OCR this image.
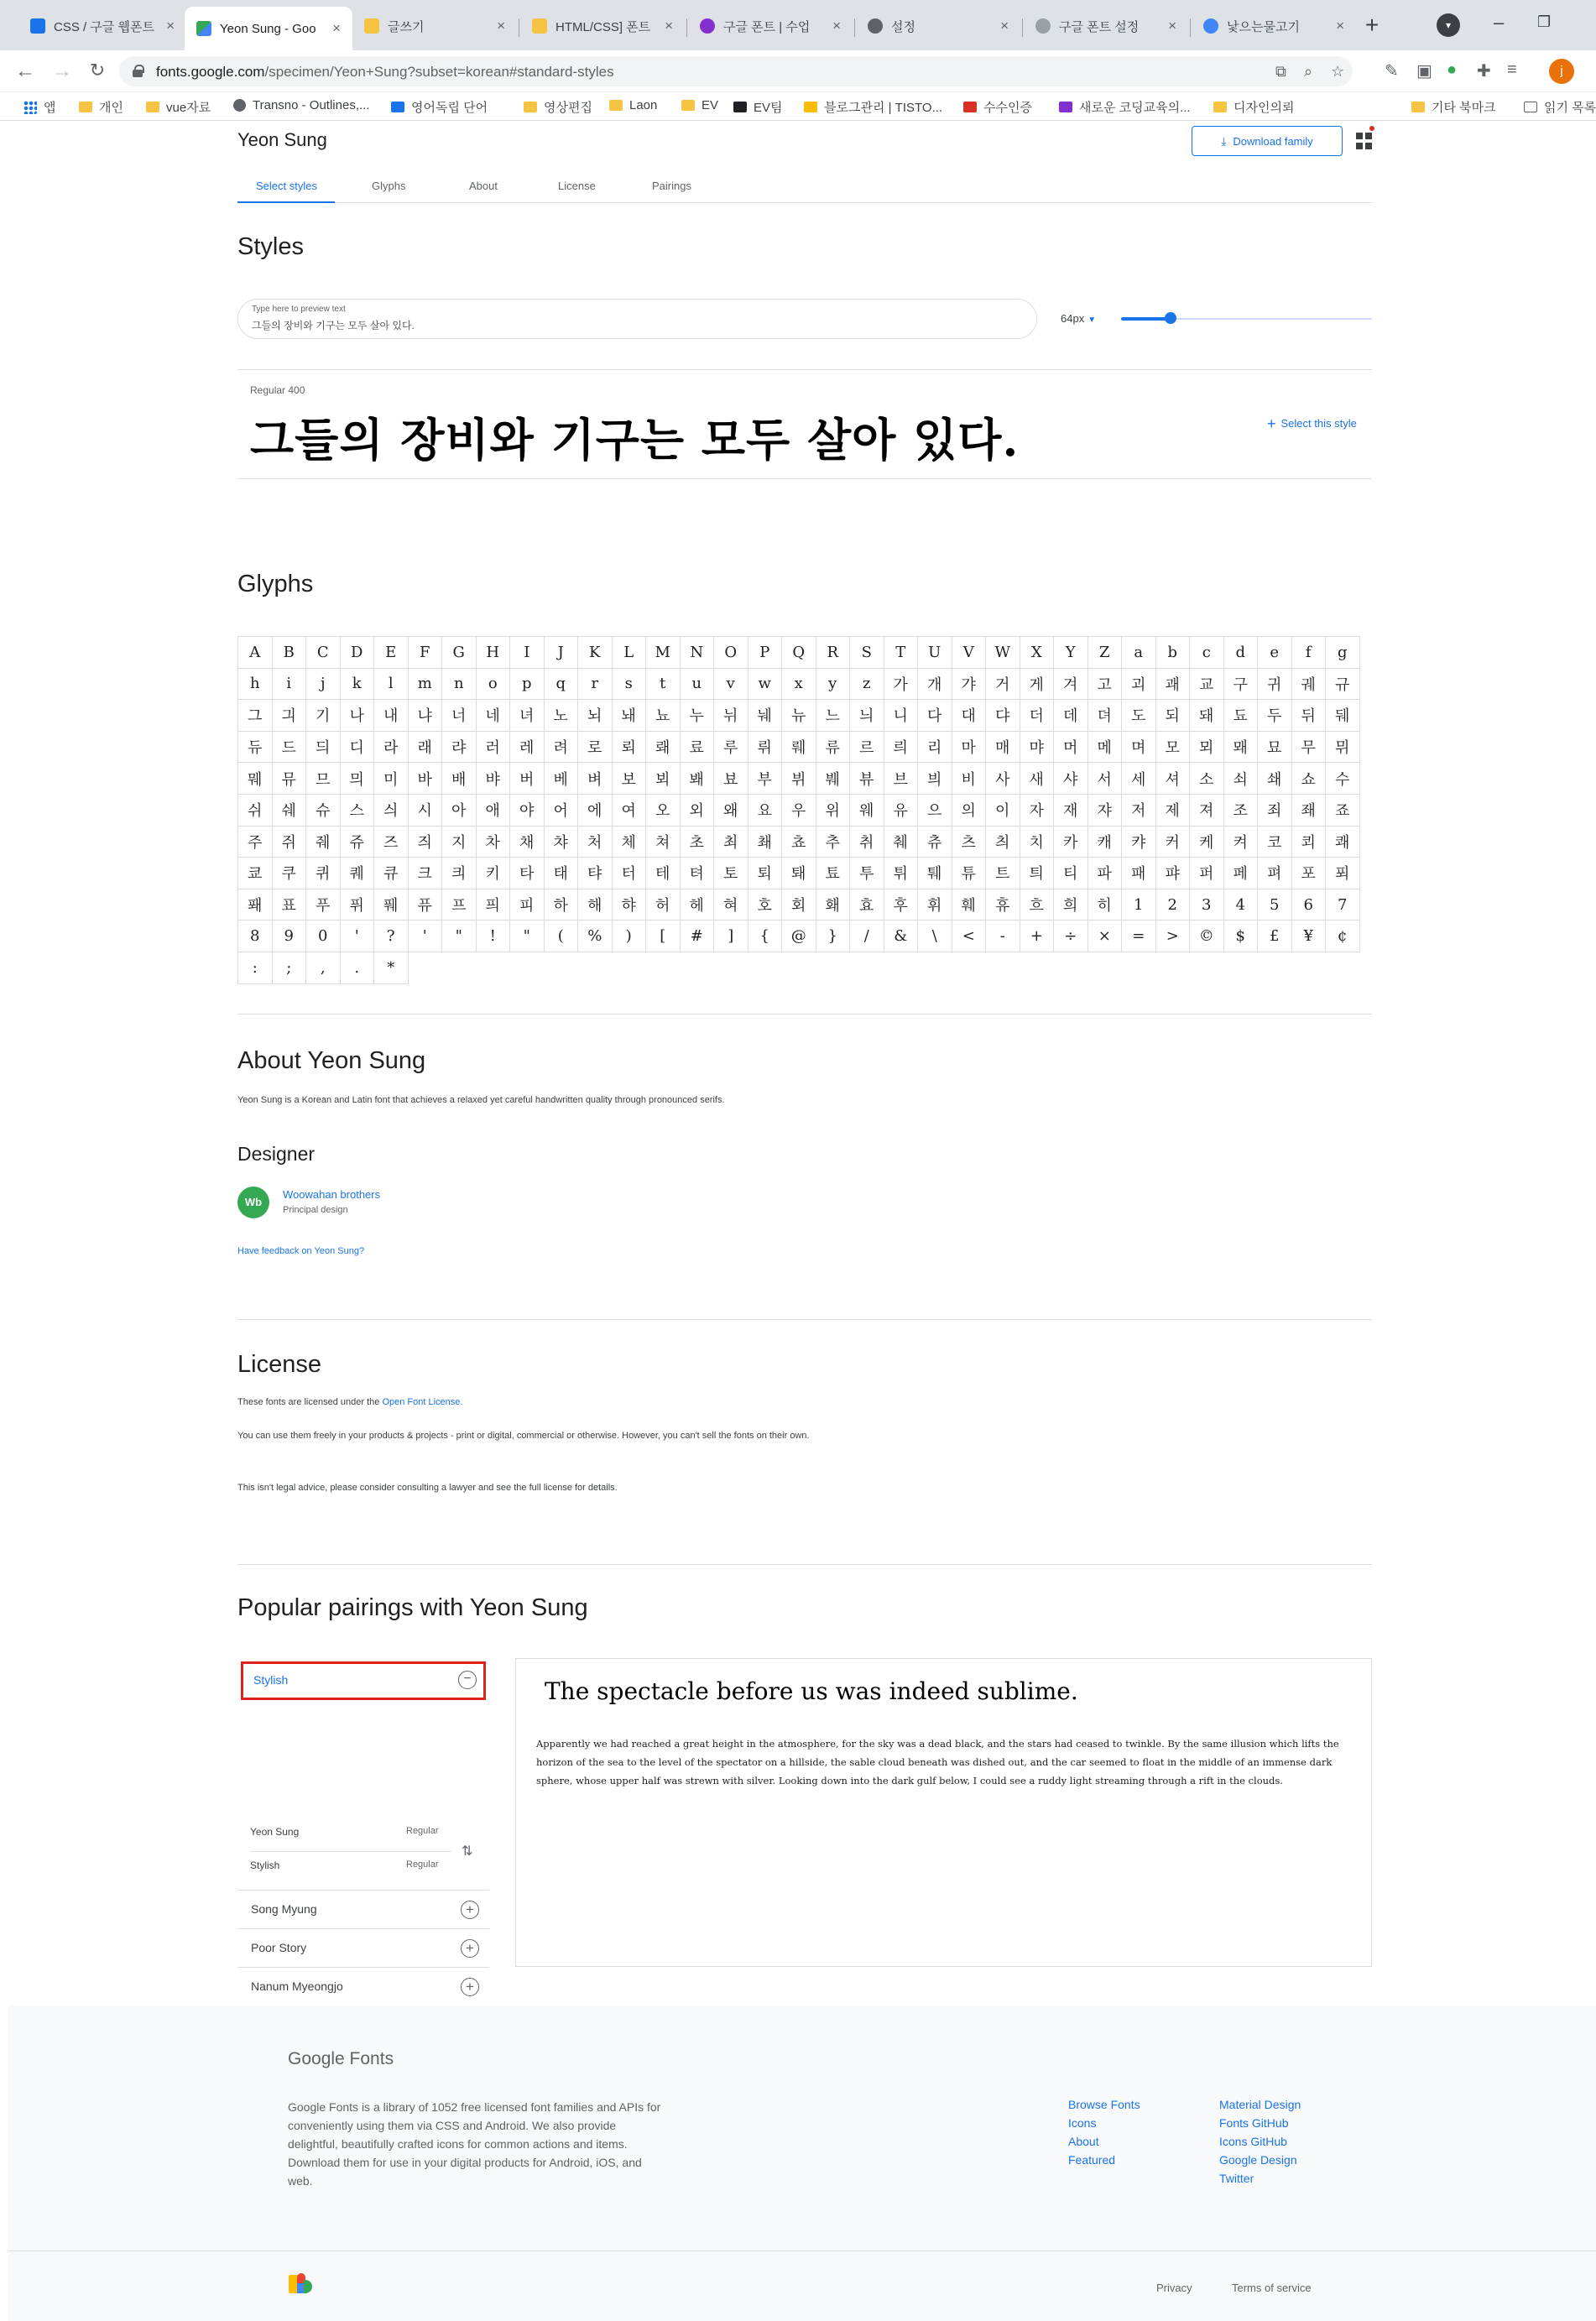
CSS / 구글 웹폰트 ×	Yeon Sung - Goo	×	글쓰기	×	HTML/CSS] 폰트 ×	구글 폰트 | 수업	×	설정	×	구글 폰트 설정	×	낯으는물고기	× +	▾	– ❐
← → ↻	fonts.google.com/specimen/Yeon+Sung?subset=korean#standard-styles	⧉ ⌕ ☆ ✎ ▣ ● ✚ ≡	j
앱	개인	vue자료	Transno - Outlines,...	영어독립 단어	영상편집	Laon	EV	EV팀	블로그관리 | TISTO...	수수인증	새로운 코딩교육의...	디자인의뢰	기타 북마크	읽기 목록
Yeon Sung	⤓ Download family
Select styles	Glyphs	About	License	Pairings
Styles
Type here to preview text
그들의 장비와 기구는 모두 살아 있다.
64px ▼
Regular 400
그들의 장비와 기구는 모두 살아 있다.	+ Select this style
Glyphs
A	B	C	D	E	F	G	H	I	J	K	L	M	N	O	P	Q	R	S	T	U	V	W	X	Y	Z	a	b	c	d	e	f	g
h	i	j	k	l	m	n	o	p	q	r	s	t	u	v	w	x	y	z	가	개	갸	거	게	겨	고	괴	괘	교	구	귀	궤	규
그	긔	기	나	내	냐	너	네	녀	노	뇌	놰	뇨	누	뉘	눼	뉴	느	늬	니	다	대	댜	더	데	뎌	도	되	돼	됴	두	뒤	뒈
듀	드	듸	디	라	래	랴	러	레	려	로	뢰	뢔	료	루	뤼	뤠	류	르	릐	리	마	매	먀	머	메	며	모	뫼	뫠	묘	무	뮈
뭬	뮤	므	믜	미	바	배	뱌	버	베	벼	보	뵈	봬	뵤	부	뷔	붸	뷰	브	븨	비	사	새	샤	서	세	셔	소	쇠	쇄	쇼	수
쉬	쉐	슈	스	싀	시	아	애	야	어	에	여	오	외	왜	요	우	위	웨	유	으	의	이	자	재	쟈	저	제	져	조	죄	좨	죠
주	쥐	줴	쥬	즈	즤	지	차	채	챠	처	체	쳐	초	최	쵀	쵸	추	취	췌	츄	츠	츼	치	카	캐	캬	커	케	켜	코	쾨	쾌
쿄	쿠	퀴	퀘	큐	크	킈	키	타	태	탸	터	테	텨	토	퇴	퇘	툐	투	튀	퉤	튜	트	틔	티	파	패	퍄	퍼	페	펴	포	푀
퐤	표	푸	퓌	풰	퓨	프	픠	피	하	해	햐	허	헤	혀	호	회	홰	효	후	휘	훼	휴	흐	희	히	1	2	3	4	5	6	7
8	9	0	'	?	'	"	!	"	(	%	)	[	#	]	{	@	}	/	&	\	<	-	+	÷	×	=	>	©	$	£	¥	¢
:	;	,	.	*																												
About Yeon Sung
Yeon Sung is a Korean and Latin font that achieves a relaxed yet careful handwritten quality through pronounced serifs.
Designer
Wb
Woowahan brothers
Principal design
Have feedback on Yeon Sung?
License
These fonts are licensed under the Open Font License.
You can use them freely in your products & projects - print or digital, commercial or otherwise. However, you can't sell the fonts on their own.
This isn't legal advice, please consider consulting a lawyer and see the full license for details.
Popular pairings with Yeon Sung
Stylish	−
Yeon Sung	Regular
Stylish	Regular
⇅
Song Myung	+
Poor Story	+
Nanum Myeongjo	+
The spectacle before us was indeed sublime.
Apparently we had reached a great height in the atmosphere, for the sky was a dead black, and the stars had ceased to twinkle. By the same illusion which lifts the horizon of the sea to the level of the spectator on a hillside, the sable cloud beneath was dished out, and the car seemed to float in the middle of an immense dark sphere, whose upper half was strewn with silver. Looking down into the dark gulf below, I could see a ruddy light streaming through a rift in the clouds.
Google Fonts
Google Fonts is a library of 1052 free licensed font families and APIs for conveniently using them via CSS and Android. We also provide delightful, beautifully crafted icons for common actions and items. Download them for use in your digital products for Android, iOS, and web.
Browse Fonts
Icons
About
Featured
Material Design
Fonts GitHub
Icons GitHub
Google Design
Twitter
Privacy	Terms of service
